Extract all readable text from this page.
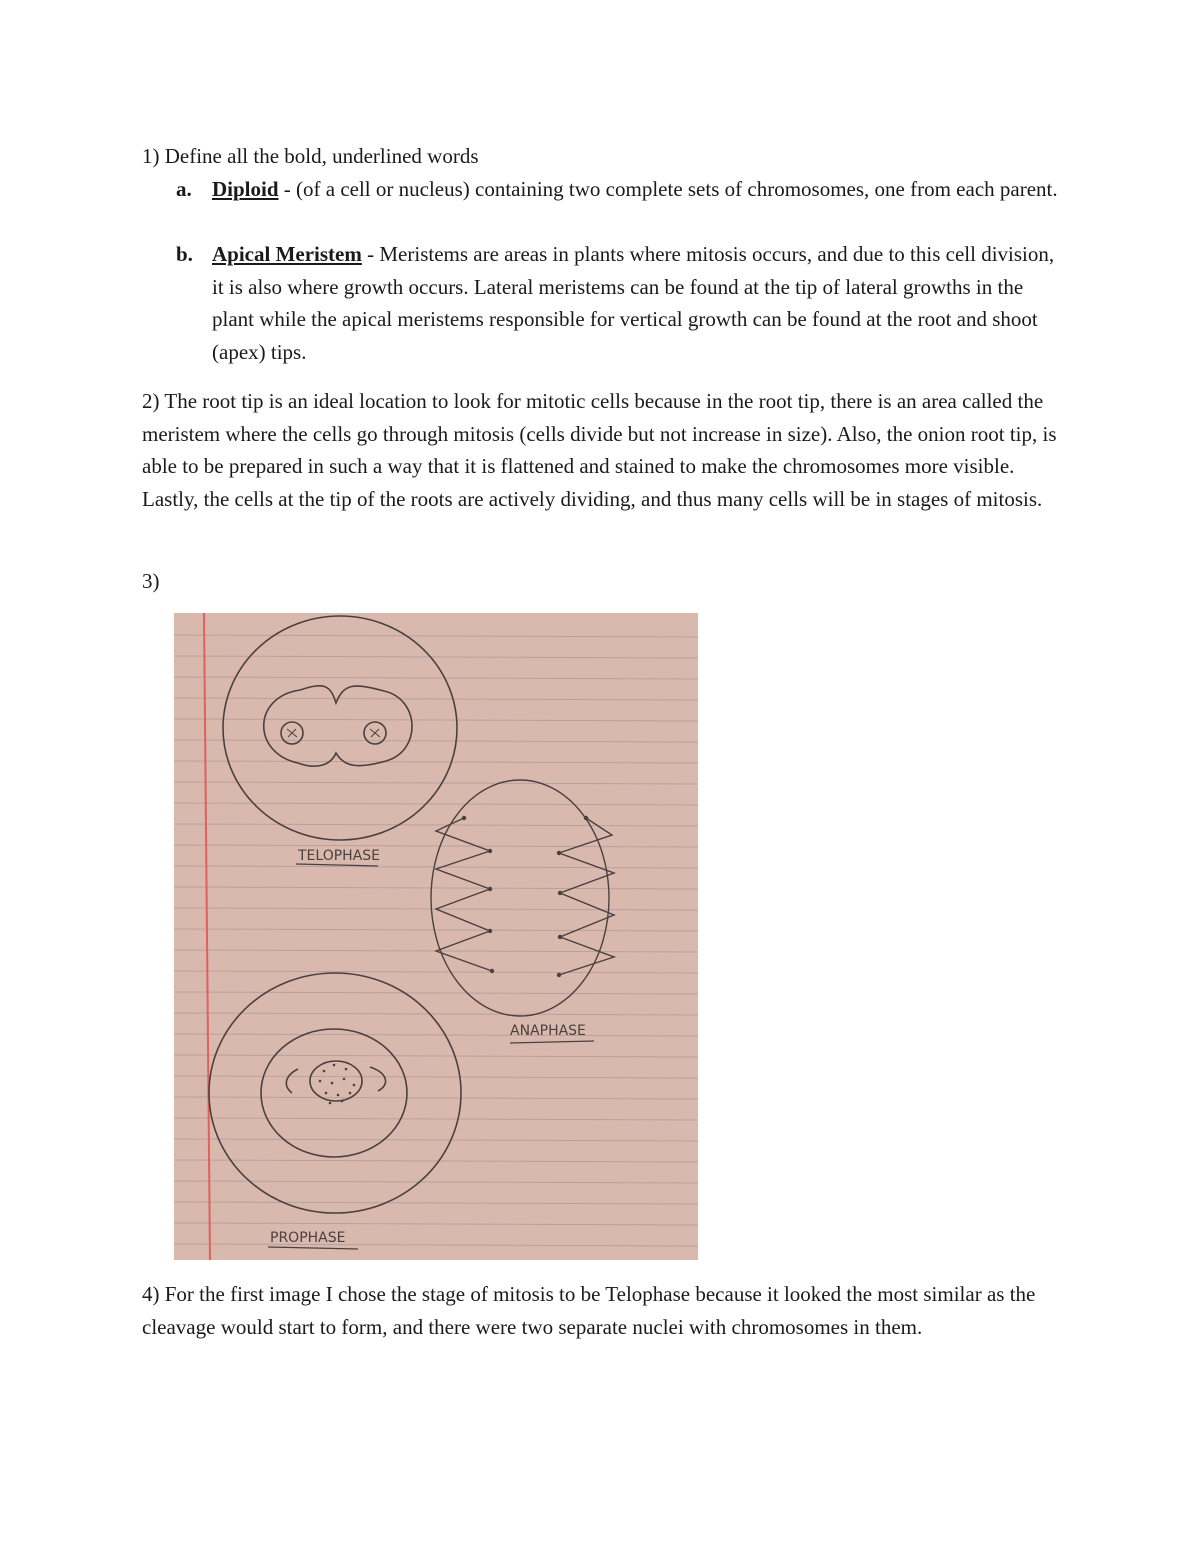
1) Define all the bold, underlined words

a. Diploid - (of a cell or nucleus) containing two complete sets of chromosomes, one from each parent.
b. Apical Meristem - Meristems are areas in plants where mitosis occurs, and due to this cell division, it is also where growth occurs. Lateral meristems can be found at the tip of lateral growths in the plant while the apical meristems responsible for vertical growth can be found at the root and shoot (apex) tips.

2) The root tip is an ideal location to look for mitotic cells because in the root tip, there is an area called the meristem where the cells go through mitosis (cells divide but not increase in size). Also, the onion root tip, is able to be prepared in such a way that it is flattened and stained to make the chromosomes more visible. Lastly, the cells at the tip of the roots are actively dividing, and thus many cells will be in stages of mitosis.

3)

TELOPHASE
ANAPHASE
PROPHASE

4) For the first image I chose the stage of mitosis to be Telophase because it looked the most similar as the cleavage would start to form, and there were two separate nuclei with chromosomes in them.
